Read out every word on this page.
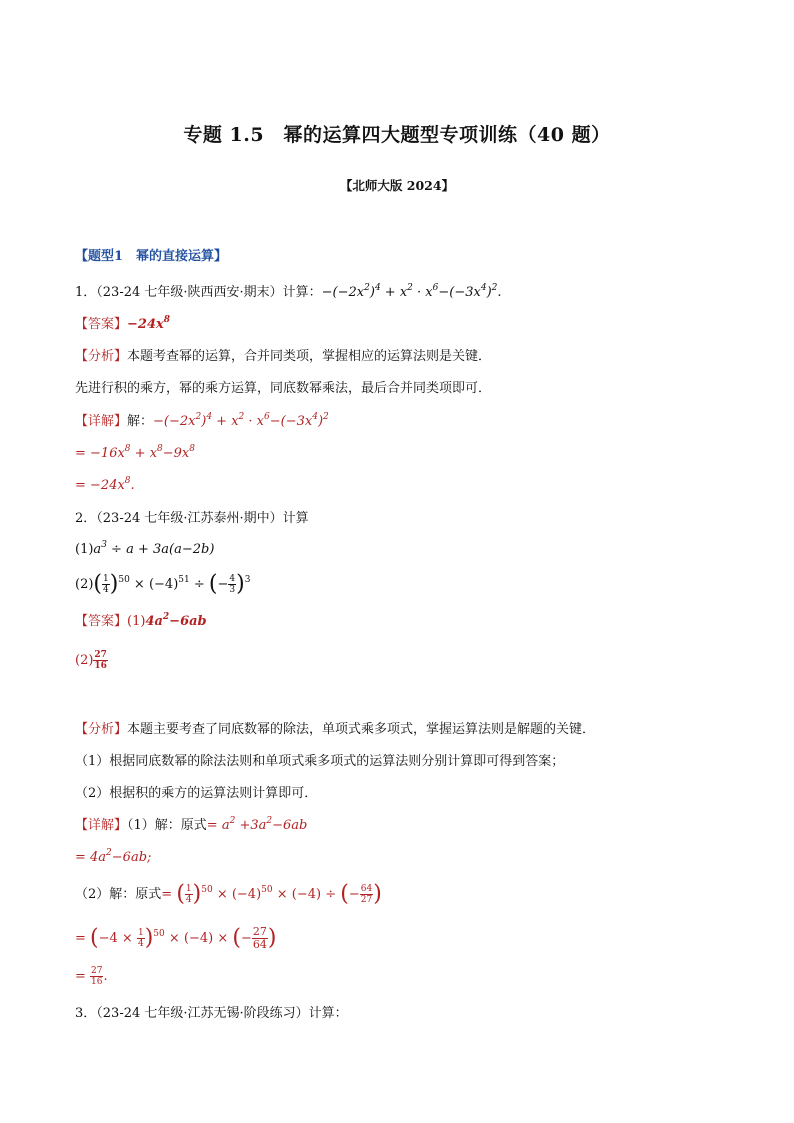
专题 1.5　幂的运算四大题型专项训练（40 题）
【北师大版 2024】
【题型1　幂的直接运算】
1．（23-24 七年级·陕西西安·期末）计算：$-(-2x^2)^4 + x^2 \cdot x^6-(-3x^4)^2$.
【答案】$-24x^8$
【分析】本题考查幂的运算，合并同类项，掌握相应的运算法则是关键．
先进行积的乘方，幂的乘方运算，同底数幂乘法，最后合并同类项即可．
【详解】解：$-(-2x^2)^4 + x^2 \cdot x^6-(-3x^4)^2$
= $-16x^8 + x^8-9x^8$
= $-24x^8$.
2．（23-24 七年级·江苏泰州·期中）计算
$(1)a^3 \div a + 3a(a-2b)$
$(2)( \frac{1}{4} )^{50} \times (-4)^{51}$ ÷ (− $\frac{4}{3} )^3$
【答案】$(1)4a^2-6ab$
$(2) \frac{27}{16}$
【分析】本题主要考查了同底数幂的除法，单项式乘多项式，掌握运算法则是解题的关键．
（1）根据同底数幂的除法法则和单项式乘多项式的运算法则分别计算即可得到答案；
（2）根据积的乘方的运算法则计算即可．
【详解】（1）解：原式= $a^2 +3a^2-6ab$
= $4a^2-6ab$;
（2）解：原式= ( $\frac{1}{4} )^{50} \times (-4)^{50} \times (-4)$ ÷ (− $\frac{64}{27}$ )
= $(-4 \times \frac{1}{4} )^{50} \times (-4)$ × (− $\frac{27}{64}$ )
= $\frac{27}{16}$ .
3．（23-24 七年级·江苏无锡·阶段练习）计算：
